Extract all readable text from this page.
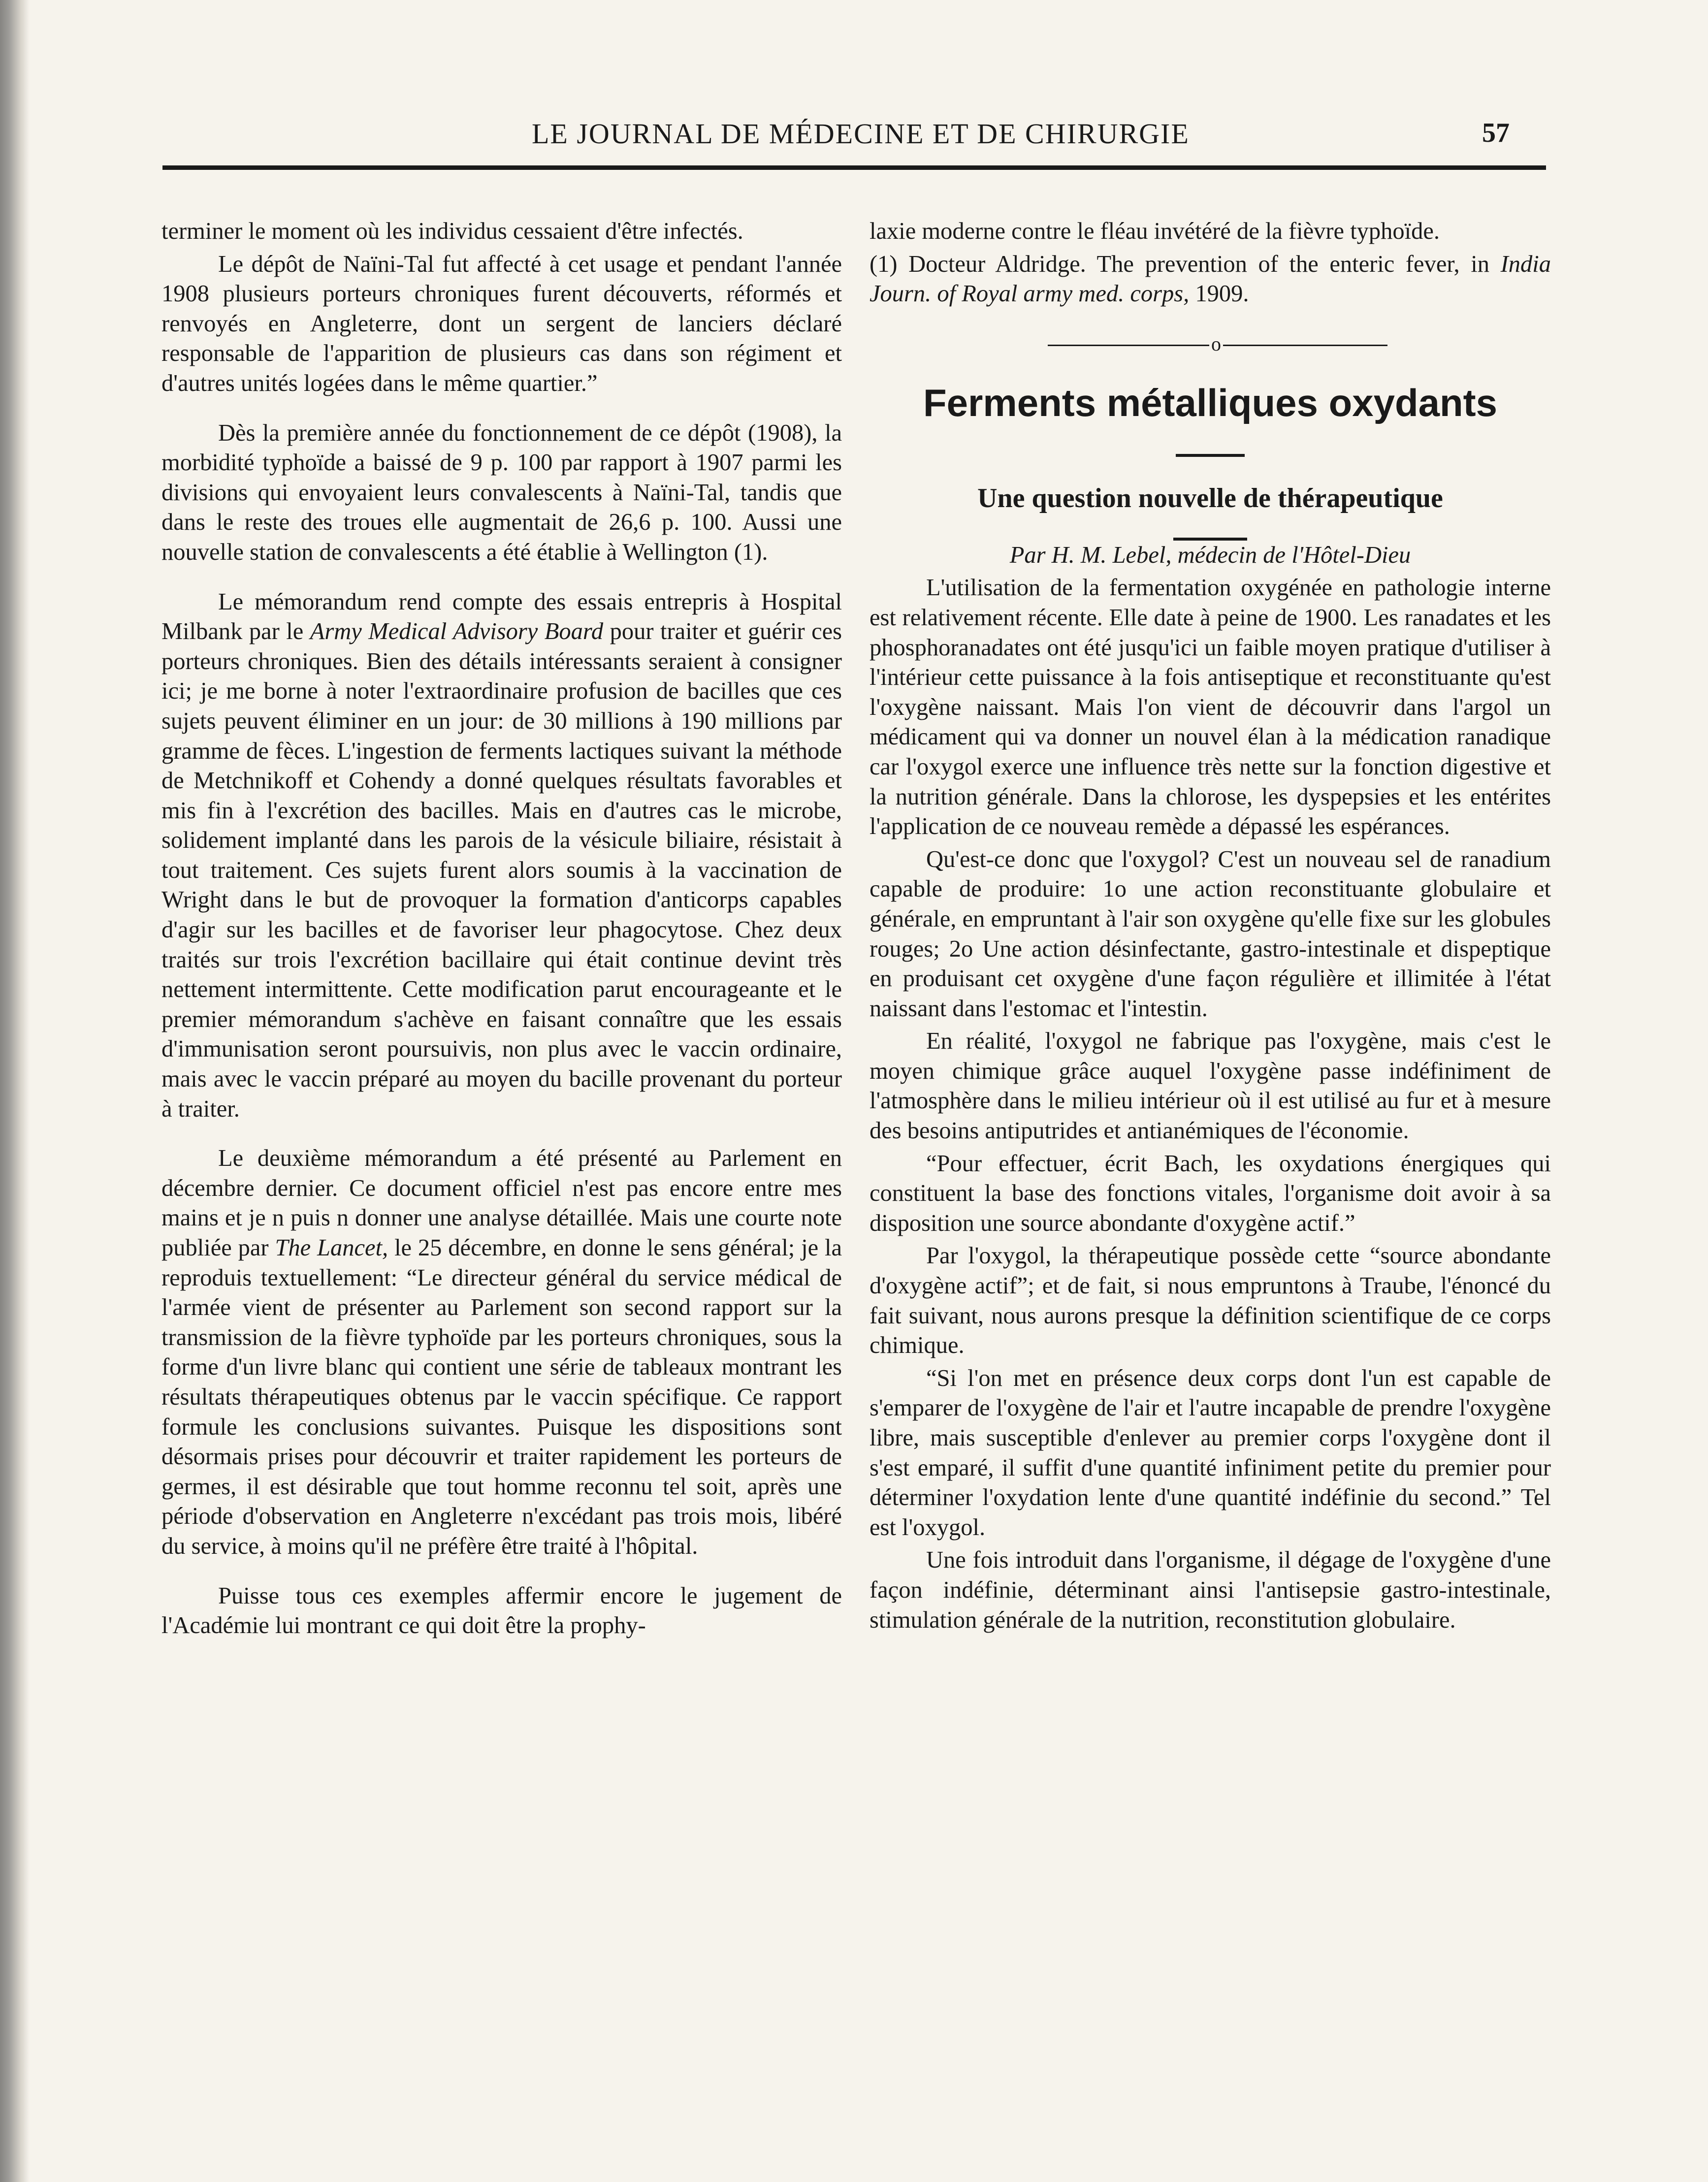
LE JOURNAL DE MÉDECINE ET DE CHIRURGIE	57

terminer le moment où les individus cessaient d'être infectés.

Le dépôt de Naïni-Tal fut affecté à cet usage et pendant l'année 1908 plusieurs porteurs chroniques furent découverts, réformés et renvoyés en Angleterre, dont un sergent de lanciers déclaré responsable de l'apparition de plusieurs cas dans son régiment et d'autres unités logées dans le même quartier.”

Dès la première année du fonctionnement de ce dépôt (1908), la morbidité typhoïde a baissé de 9 p. 100 par rapport à 1907 parmi les divisions qui envoyaient leurs convalescents à Naïni-Tal, tandis que dans le reste des troues elle augmentait de 26,6 p. 100. Aussi une nouvelle station de convalescents a été établie à Wellington (1).

Le mémorandum rend compte des essais entrepris à Hospital Milbank par le Army Medical Advisory Board pour traiter et guérir ces porteurs chroniques. Bien des détails intéressants seraient à consigner ici; je me borne à noter l'extraordinaire profusion de bacilles que ces sujets peuvent éliminer en un jour: de 30 millions à 190 millions par gramme de fèces. L'ingestion de ferments lactiques suivant la méthode de Metchnikoff et Cohendy a donné quelques résultats favorables et mis fin à l'excrétion des bacilles. Mais en d'autres cas le microbe, solidement implanté dans les parois de la vésicule biliaire, résistait à tout traitement. Ces sujets furent alors soumis à la vaccination de Wright dans le but de provoquer la formation d'anticorps capables d'agir sur les bacilles et de favoriser leur phagocytose. Chez deux traités sur trois l'excrétion bacillaire qui était continue devint très nettement intermittente. Cette modification parut encourageante et le premier mémorandum s'achève en faisant connaître que les essais d'immunisation seront poursuivis, non plus avec le vaccin ordinaire, mais avec le vaccin préparé au moyen du bacille provenant du porteur à traiter.

Le deuxième mémorandum a été présenté au Parlement en décembre dernier. Ce document officiel n'est pas encore entre mes mains et je n puis n donner une analyse détaillée. Mais une courte note publiée par The Lancet, le 25 décembre, en donne le sens général; je la reproduis textuellement: “Le directeur général du service médical de l'armée vient de présenter au Parlement son second rapport sur la transmission de la fièvre typhoïde par les porteurs chroniques, sous la forme d'un livre blanc qui contient une série de tableaux montrant les résultats thérapeutiques obtenus par le vaccin spécifique. Ce rapport formule les conclusions suivantes. Puisque les dispositions sont désormais prises pour découvrir et traiter rapidement les porteurs de germes, il est désirable que tout homme reconnu tel soit, après une période d'observation en Angleterre n'excédant pas trois mois, libéré du service, à moins qu'il ne préfère être traité à l'hôpital.

Puisse tous ces exemples affermir encore le jugement de l'Académie lui montrant ce qui doit être la prophy-

laxie moderne contre le fléau invétéré de la fièvre typhoïde.

(1) Docteur Aldridge. The prevention of the enteric fever, in India Journ. of Royal army med. corps, 1909.

o
Ferments métalliques oxydants
Une question nouvelle de thérapeutique

Par H. M. Lebel, médecin de l'Hôtel-Dieu

L'utilisation de la fermentation oxygénée en pathologie interne est relativement récente. Elle date à peine de 1900. Les ranadates et les phosphoranadates ont été jusqu'ici un faible moyen pratique d'utiliser à l'intérieur cette puissance à la fois antiseptique et reconstituante qu'est l'oxygène naissant. Mais l'on vient de découvrir dans l'argol un médicament qui va donner un nouvel élan à la médication ranadique car l'oxygol exerce une influence très nette sur la fonction digestive et la nutrition générale. Dans la chlorose, les dyspepsies et les entérites l'application de ce nouveau remède a dépassé les espérances.

Qu'est-ce donc que l'oxygol? C'est un nouveau sel de ranadium capable de produire: 1o une action reconstituante globulaire et générale, en empruntant à l'air son oxygène qu'elle fixe sur les globules rouges; 2o Une action désinfectante, gastro-intestinale et dispeptique en produisant cet oxygène d'une façon régulière et illimitée à l'état naissant dans l'estomac et l'intestin.

En réalité, l'oxygol ne fabrique pas l'oxygène, mais c'est le moyen chimique grâce auquel l'oxygène passe indéfiniment de l'atmosphère dans le milieu intérieur où il est utilisé au fur et à mesure des besoins antiputrides et antianémiques de l'économie.

“Pour effectuer, écrit Bach, les oxydations énergiques qui constituent la base des fonctions vitales, l'organisme doit avoir à sa disposition une source abondante d'oxygène actif.”

Par l'oxygol, la thérapeutique possède cette “source abondante d'oxygène actif”; et de fait, si nous empruntons à Traube, l'énoncé du fait suivant, nous aurons presque la définition scientifique de ce corps chimique.

“Si l'on met en présence deux corps dont l'un est capable de s'emparer de l'oxygène de l'air et l'autre incapable de prendre l'oxygène libre, mais susceptible d'enlever au premier corps l'oxygène dont il s'est emparé, il suffit d'une quantité infiniment petite du premier pour déterminer l'oxydation lente d'une quantité indéfinie du second.” Tel est l'oxygol.

Une fois introduit dans l'organisme, il dégage de l'oxygène d'une façon indéfinie, déterminant ainsi l'antisepsie gastro-intestinale, stimulation générale de la nutrition, reconstitution globulaire.
